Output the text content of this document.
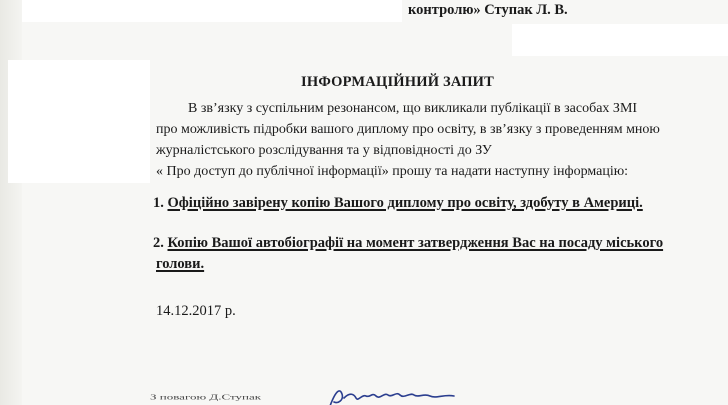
контролю» Ступак Л. В.
ІНФОРМАЦІЙНИЙ ЗАПИТ
В зв’язку з суспільним резонансом, що викликали публікації в засобах ЗМІ
про можливість підробки вашого диплому про освіту, в зв’язку з проведенням мною
журналістського розслідування та у відповідності до ЗУ
« Про доступ до публічної інформації» прошу та надати наступну інформацію:
1. Офіційно завірену копію Вашого диплому про освіту, здобуту в Америці.
2. Копію Вашої автобіографії на момент затвердження Вас на посаду міського
голови.
14.12.2017 р.
З повагою Д.Ступак
